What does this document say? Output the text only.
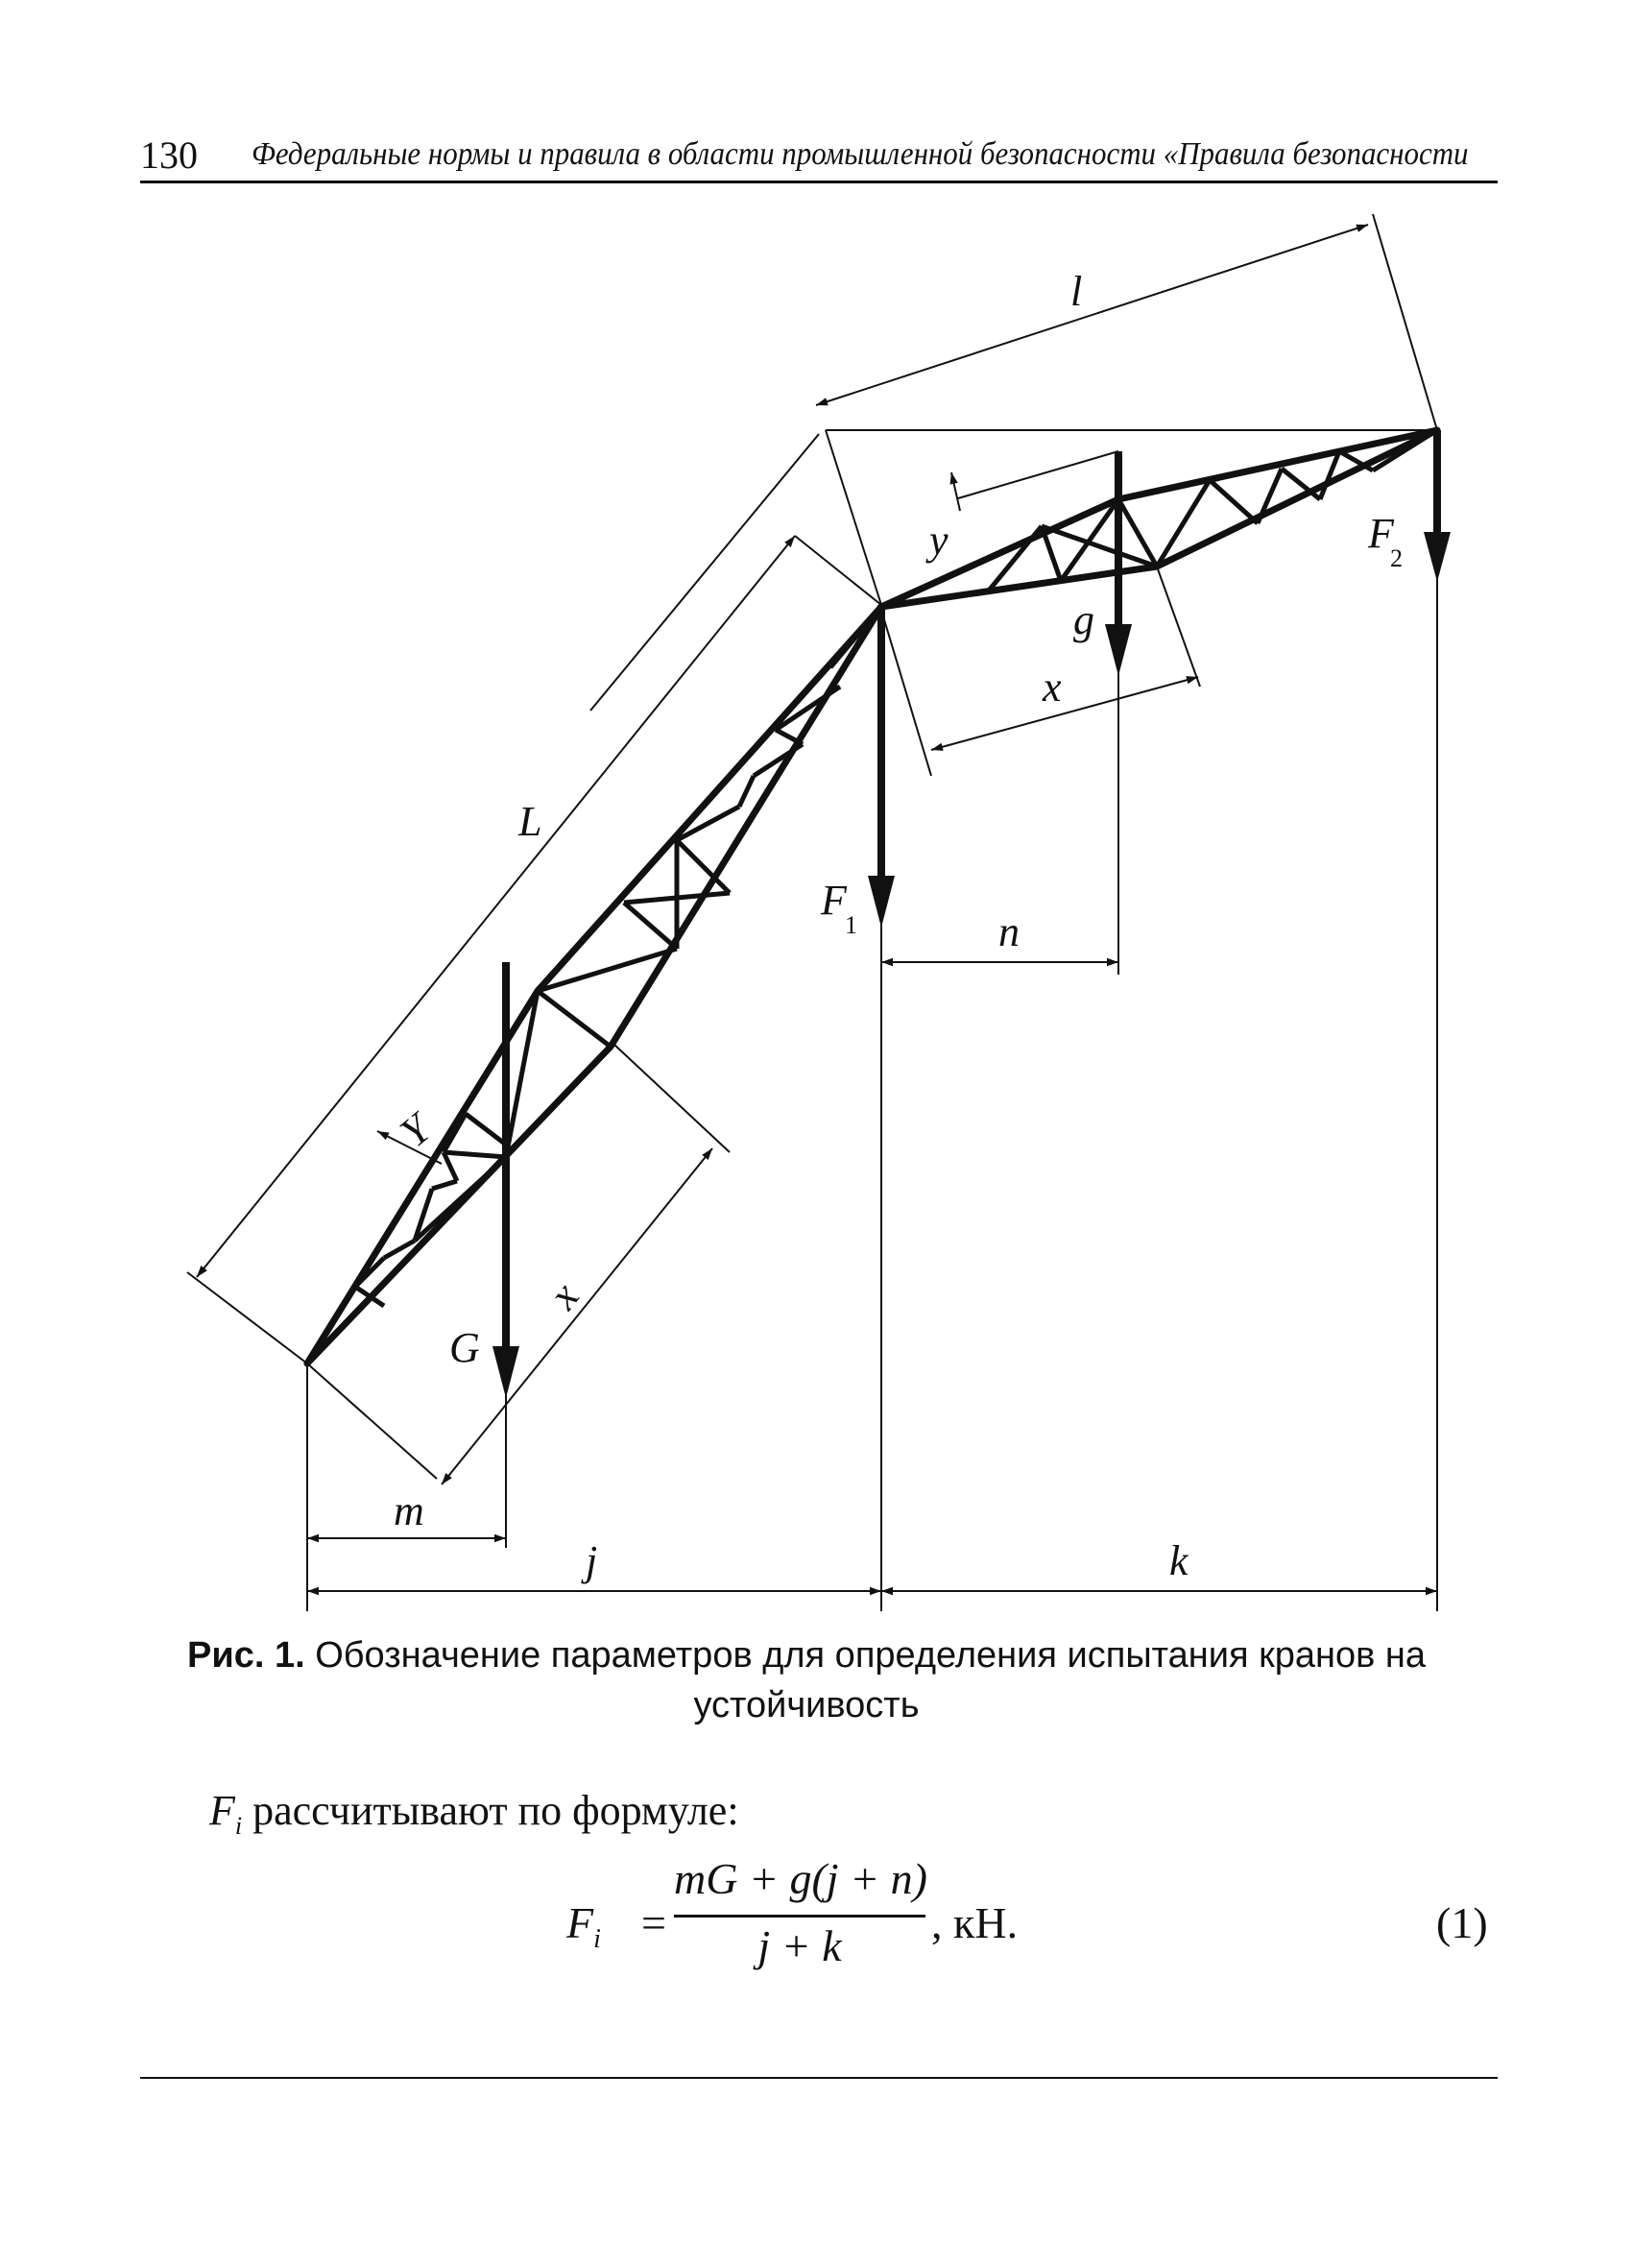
130 Федеральные нормы и правила в области промышленной безопасности «Правила безопасности
l
L
y
g
x
F
2
F
1	n
Y
x
G
m
j	k
Рис. 1. Обозначение параметров для определения испытания кранов на устойчивость
$F_i$ рассчитывают по формуле:
$F_i$ =
mG + g(j + n)
j + k	, кН.	(1)
